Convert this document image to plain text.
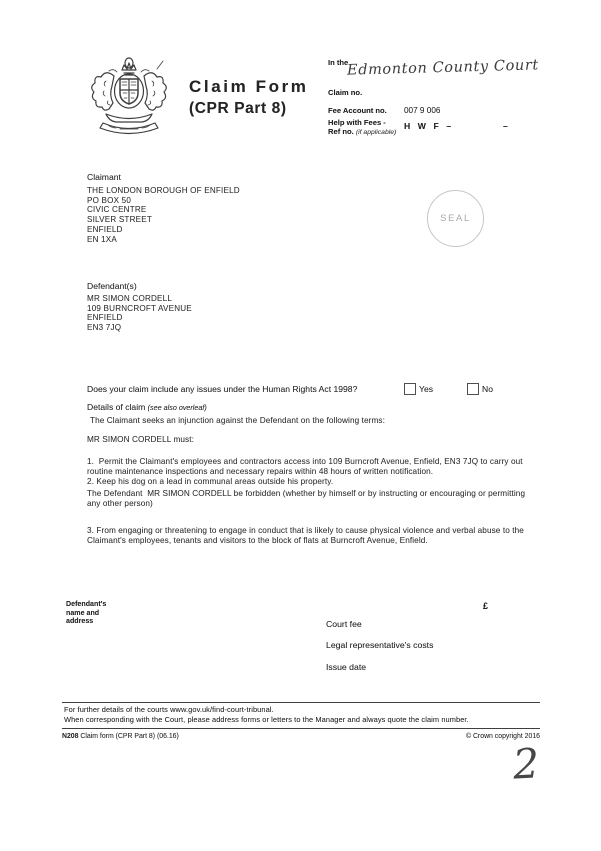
Claim Form
(CPR Part 8)
In the
Edmonton County Court
Claim no.
Fee Account no. 007 9 006
Help with Fees -
Ref no. (if applicable)
H W F –	–
Claimant
THE LONDON BOROUGH OF ENFIELD
PO BOX 50
CIVIC CENTRE
SILVER STREET
ENFIELD
EN 1XA
SEAL
Defendant(s)
MR SIMON CORDELL
109 BURNCROFT AVENUE
ENFIELD
EN3 7JQ
Does your claim include any issues under the Human Rights Act 1998?	Yes	No
Details of claim (see also overleaf)
The Claimant seeks an injunction against the Defendant on the following terms:
MR SIMON CORDELL must:
1.  Permit the Claimant's employees and contractors access into 109 Burncroft Avenue, Enfield, EN3 7JQ to carry out routine maintenance inspections and necessary repairs within 48 hours of written notification.
2. Keep his dog on a lead in communal areas outside his property.
The Defendant  MR SIMON CORDELL be forbidden (whether by himself or by instructing or encouraging or permitting any other person)
3. From engaging or threatening to engage in conduct that is likely to cause physical violence and verbal abuse to the Claimant's employees, tenants and visitors to the block of flats at Burncroft Avenue, Enfield.
Defendant's
name and
address
£
Court fee
Legal representative's costs
Issue date
For further details of the courts www.gov.uk/find-court-tribunal.
When corresponding with the Court, please address forms or letters to the Manager and always quote the claim number.
N208 Claim form (CPR Part 8) (06.16)	© Crown copyright 2016
2
